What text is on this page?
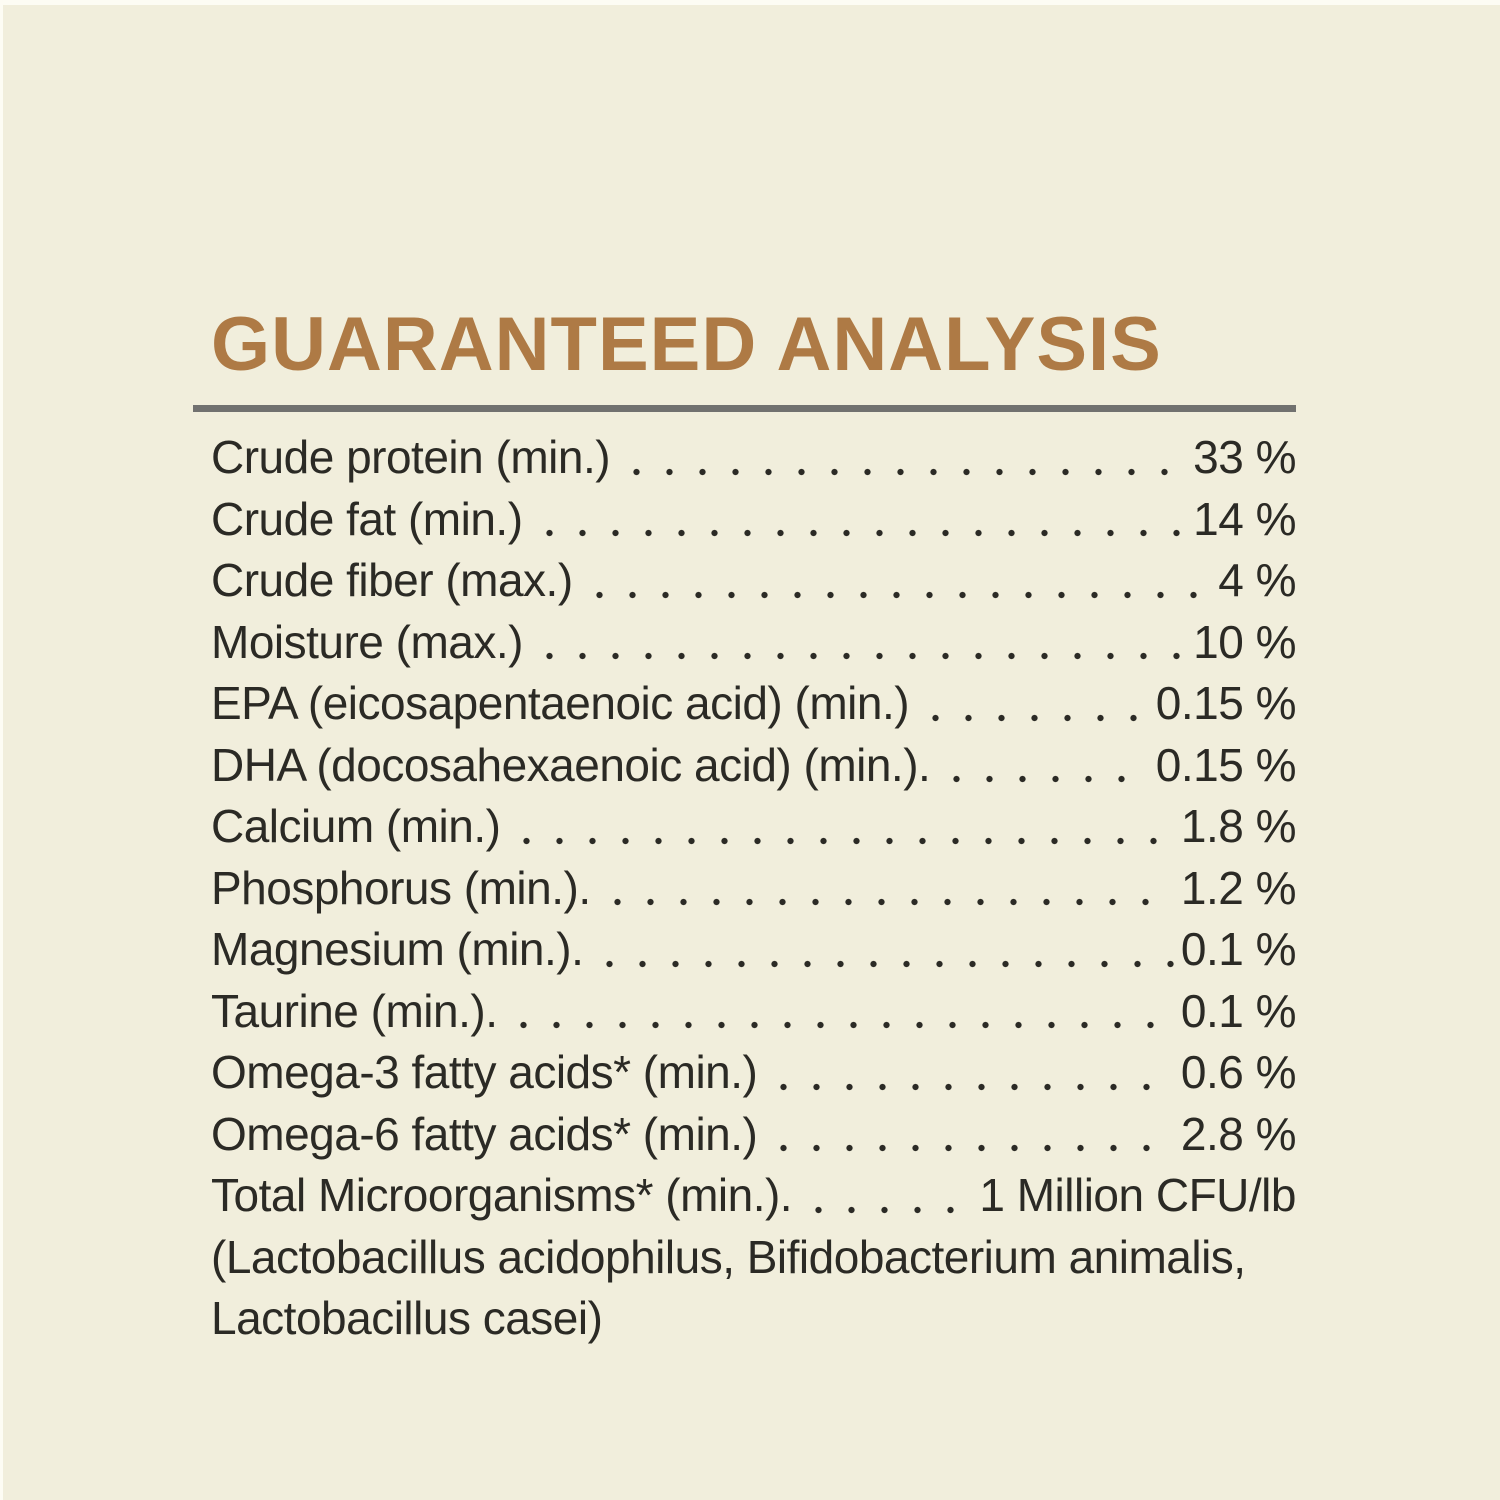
GUARANTEED ANALYSIS
Crude protein (min.)	33 %
Crude fat (min.)	14 %
Crude fiber (max.)	4 %
Moisture (max.)	10 %
EPA (eicosapentaenoic acid) (min.)	0.15 %
DHA (docosahexaenoic acid) (min.).	0.15 %
Calcium (min.)	1.8 %
Phosphorus (min.).	1.2 %
Magnesium (min.).	0.1 %
Taurine (min.).	0.1 %
Omega-3 fatty acids* (min.)	0.6 %
Omega-6 fatty acids* (min.)	2.8 %
Total Microorganisms* (min.).	1 Million CFU/lb
(Lactobacillus acidophilus, Bifidobacterium animalis,
Lactobacillus casei)
